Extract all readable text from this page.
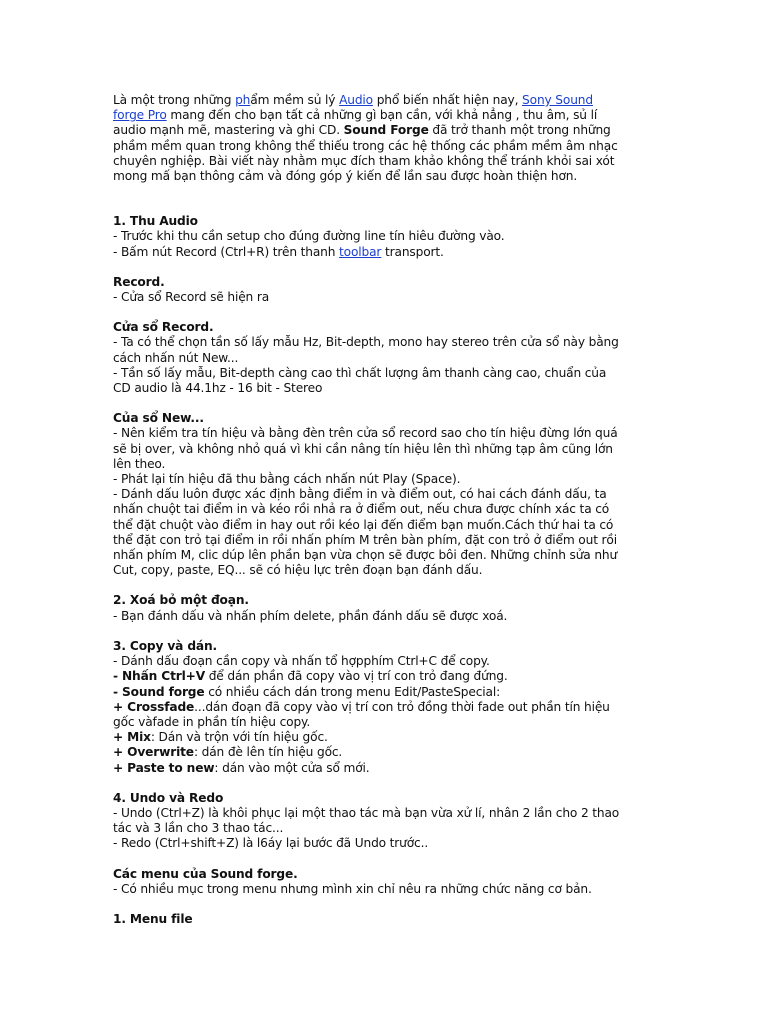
Là một trong những phẩm mềm sủ lý Audio phổ biến nhất hiện nay, Sony Sound
forge Pro mang đến cho bạn tất cả những gì bạn cần, với khả nẳng , thu âm, sủ lí
audio mạnh mẽ, mastering và ghi CD. Sound Forge đã trở thanh một trong những
phầm mềm quan trong không thể thiếu trong các hệ thống các phầm mềm âm nhạc
chuyên nghiệp. Bài viết này nhằm mục đích tham khảo không thể tránh khỏi sai xót
mong mấ bạn thông cảm và đóng góp ý kiến để lần sau được hoàn thiện hơn.
1. Thu Audio
- Trước khi thu cần setup cho đúng đường line tín hiêu đường vào.
- Bấm nút Record (Ctrl+R) trên thanh toolbar transport.
Record.
- Cửa sổ Record sẽ hiện ra
Cửa sổ Record.
- Ta có thể chọn tần số lấy mẫu Hz, Bit-depth, mono hay stereo trên cửa sổ này bằng
cách nhấn nút New...
- Tần số lấy mẫu, Bit-depth càng cao thì chất lượng âm thanh càng cao, chuẩn của
CD audio là 44.1hz - 16 bit - Stereo
Của sổ New...
- Nên kiểm tra tín hiệu và bằng đèn trên cửa sổ record sao cho tín hiệu đừng lớn quá
sẽ bị over, và không nhỏ quá vì khi cần nâng tín hiệu lên thì những tạp âm cũng lớn
lên theo.
- Phát lại tín hiệu đã thu bằng cách nhấn nút Play (Space).
- Dánh dấu luôn được xác định bằng điểm in và điểm out, có hai cách đánh dấu, ta
nhấn chuột tai điểm in và kéo rồi nhả ra ở điểm out, nếu chưa được chính xác ta có
thể đặt chuột vào điểm in hay out rồi kéo lại đến điểm bạn muốn.Cách thứ hai ta có
thể đặt con trỏ tại điểm in rồi nhấn phím M trên bàn phím, đặt con trỏ ở điểm out rồi
nhấn phím M, clic dúp lên phần bạn vừa chọn sẽ được bôi đen. Những chỉnh sửa như
Cut, copy, paste, EQ... sẽ có hiệu lực trên đoạn bạn đánh dấu.
2. Xoá bỏ một đoạn.
- Bạn đánh dấu và nhấn phím delete, phần đánh dấu sẽ được xoá.
3. Copy và dán.
- Dánh dấu đoạn cần copy và nhấn tổ hợpphím Ctrl+C để copy.
- Nhấn Ctrl+V để dán phần đã copy vào vị trí con trỏ đang đứng.
- Sound forge có nhiều cách dán trong menu Edit/PasteSpecial:
+ Crossfade...dán đoạn đã copy vào vị trí con trỏ đồng thời fade out phần tín hiệu
gốc vàfade in phần tín hiệu copy.
+ Mix: Dán và trộn với tín hiệu gốc.
+ Overwrite: dán đè lên tín hiệu gốc.
+ Paste to new: dán vào một cửa sổ mới.
4. Undo và Redo
- Undo (Ctrl+Z) là khôi phục lại một thao tác mà bạn vừa xử lí, nhân 2 lần cho 2 thao
tác và 3 lần cho 3 thao tác...
- Redo (Ctrl+shift+Z) là l6áy lại bước đã Undo trước..
Các menu của Sound forge.
- Có nhiều mục trong menu nhưng mình xin chỉ nêu ra những chức năng cơ bản.
1. Menu file
